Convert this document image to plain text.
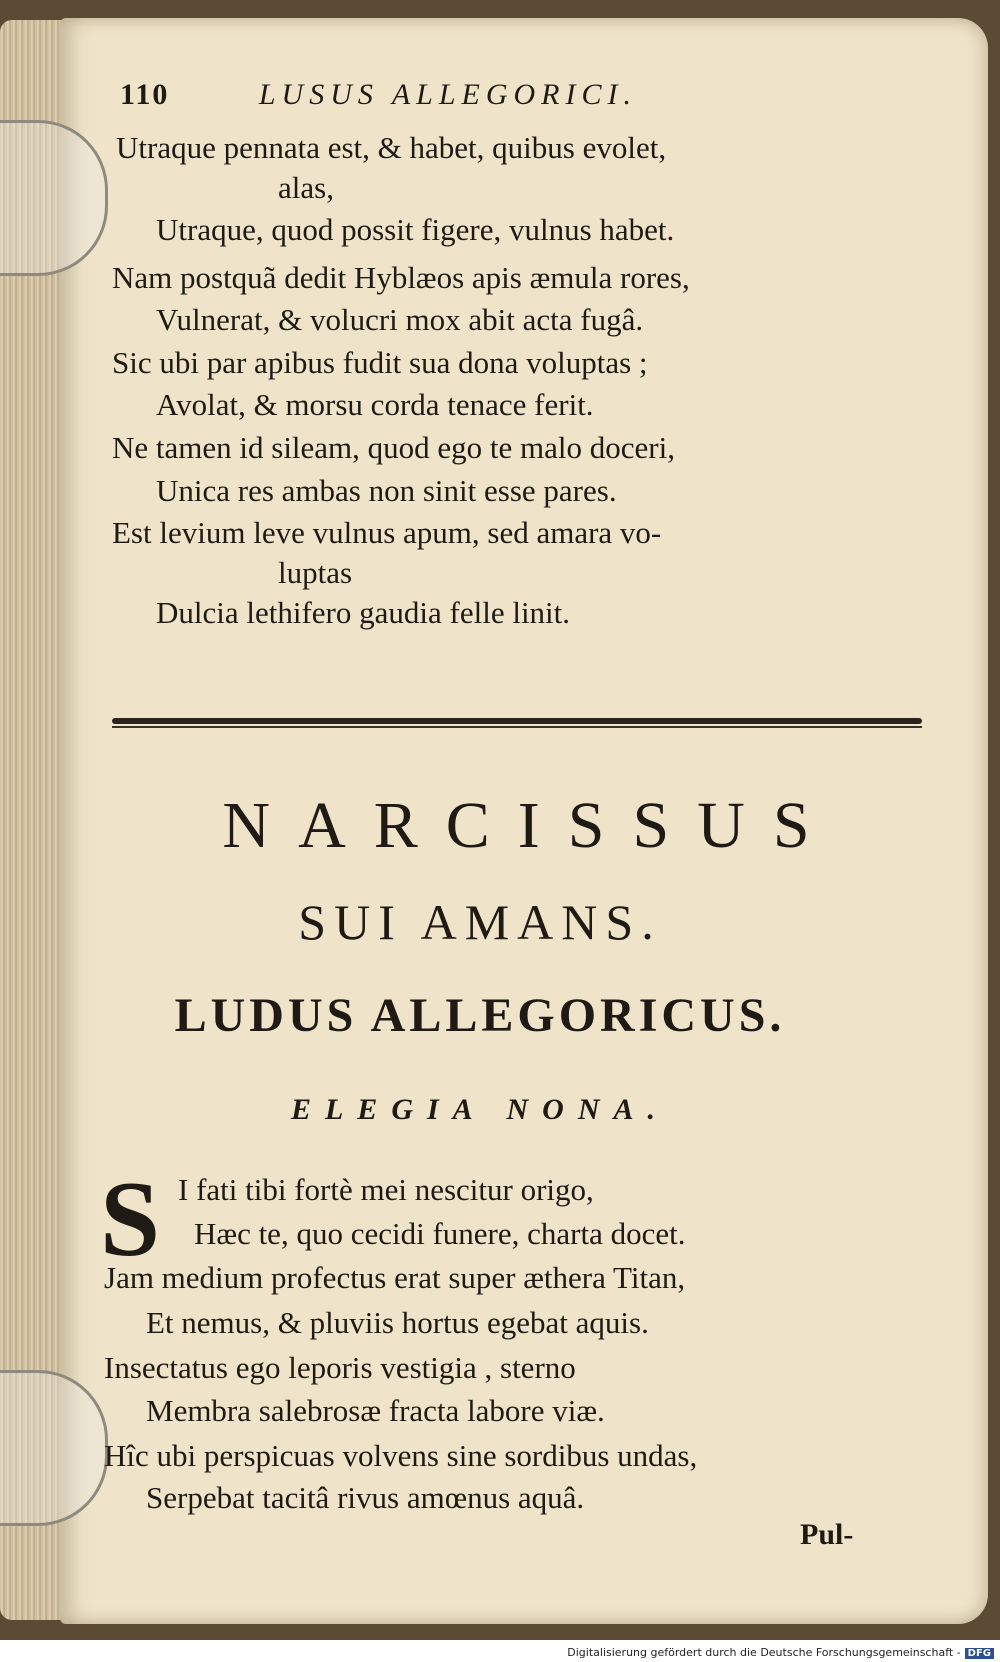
110	LUSUS ALLEGORICI.
Utraque pennata est, & habet, quibus evolet,
alas,
Utraque, quod possit figere, vulnus habet.
Nam postquã dedit Hyblæos apis æmula rores,
Vulnerat, & volucri mox abit acta fugâ.
Sic ubi par apibus fudit sua dona voluptas ;
Avolat, & morsu corda tenace ferit.
Ne tamen id sileam, quod ego te malo doceri,
Unica res ambas non sinit esse pares.
Est levium leve vulnus apum, sed amara vo-
luptas
Dulcia lethifero gaudia felle linit.
NARCISSUS
SUI AMANS.
LUDUS ALLEGORICUS.
ELEGIA NONA.
S I fati tibi fortè mei nescitur origo,
Hæc te, quo cecidi funere, charta docet.
Jam medium profectus erat super æthera Titan,
Et nemus, & pluviis hortus egebat aquis.
Insectatus ego leporis vestigia , sterno
Membra salebrosæ fracta labore viæ.
Hîc ubi perspicuas volvens sine sordibus undas,
Serpebat tacitâ rivus amœnus aquâ.
Pul-
Digitalisierung gefördert durch die Deutsche Forschungsgemeinschaft - DFG
